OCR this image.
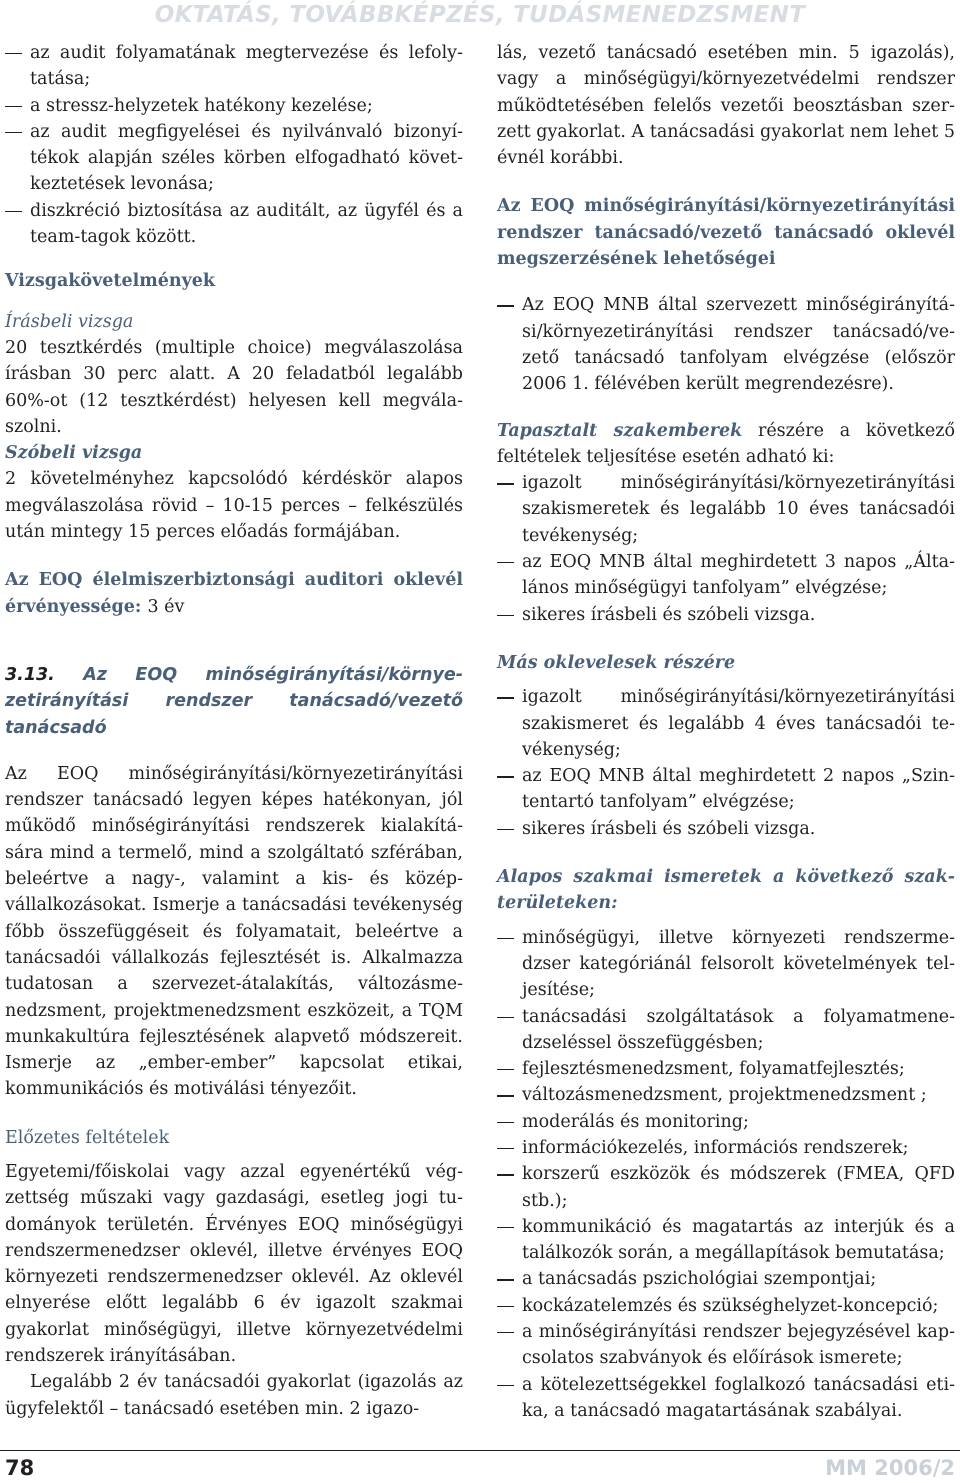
OKTATÁS, TOVÁBBKÉPZÉS, TUDÁSMENEDZSMENT
az audit folyamatának megtervezése és lefolytatása;
a stressz-helyzetek hatékony kezelése;
az audit megfigyelései és nyilvánvaló bizonyítékok alapján széles körben elfogadható következtetések levonása;
diszkréció biztosítása az auditált, az ügyfél és a team-tagok között.

Vizsgakövetelmények

Írásbeli vizsga

20 tesztkérdés (multiple choice) megválaszolása írásban 30 perc alatt. A 20 feladatból legalább 60%-ot (12 tesztkérdést) helyesen kell megválaszolni.

Szóbeli vizsga

2 követelményhez kapcsolódó kérdéskör alapos megválaszolása rövid – 10-15 perces – felkészülés után mintegy 15 perces előadás formájában.

Az EOQ élelmiszerbiztonsági auditori oklevél érvényessége: 3 év

3.13. Az EOQ minőségirányítási/környezetirányítási rendszer tanácsadó/vezető tanácsadó

Az EOQ minőségirányítási/környezetirányítási rendszer tanácsadó legyen képes hatékonyan, jól működő minőségirányítási rendszerek kialakítására mind a termelő, mind a szolgáltató szférában, beleértve a nagy-, valamint a kis- és középvállalkozásokat. Ismerje a tanácsadási tevékenység főbb összefüggéseit és folyamatait, beleértve a tanácsadói vállalkozás fejlesztését is. Alkalmazza tudatosan a szervezet-átalakítás, változásmenedzsment, projektmenedzsment eszközeit, a TQM munkakultúra fejlesztésének alapvető módszereit. Ismerje az „ember-ember” kapcsolat etikai, kommunikációs és motiválási tényezőit.

Előzetes feltételek

Egyetemi/főiskolai vagy azzal egyenértékű végzettség műszaki vagy gazdasági, esetleg jogi tudományok területén. Érvényes EOQ minőségügyi rendszermenedzser oklevél, illetve érvényes EOQ környezeti rendszermenedzser oklevél. Az oklevél elnyerése előtt legalább 6 év igazolt szakmai gyakorlat minőségügyi, illetve környezetvédelmi rendszerek irányításában.

Legalább 2 év tanácsadói gyakorlat (igazolás az ügyfelektől – tanácsadó esetében min. 2 igazo-

lás, vezető tanácsadó esetében min. 5 igazolás), vagy a minőségügyi/környezetvédelmi rendszer működtetésében felelős vezetői beosztásban szerzett gyakorlat. A tanácsadási gyakorlat nem lehet 5 évnél korábbi.

Az EOQ minőségirányítási/környezetirányítási rendszer tanácsadó/vezető tanácsadó oklevél megszerzésének lehetőségei

Az EOQ MNB által szervezett minőségirányítási/környezetirányítási rendszer tanácsadó/vezető tanácsadó tanfolyam elvégzése (először 2006 1. félévében került megrendezésre).

Tapasztalt szakemberek részére a következő feltételek teljesítése esetén adható ki:

igazolt minőségirányítási/környezetirányítási szakismeretek és legalább 10 éves tanácsadói tevékenység;
az EOQ MNB által meghirdetett 3 napos „Általános minőségügyi tanfolyam” elvégzése;
sikeres írásbeli és szóbeli vizsga.

Más oklevelesek részére

igazolt minőségirányítási/környezetirányítási szakismeret és legalább 4 éves tanácsadói tevékenység;
az EOQ MNB által meghirdetett 2 napos „Szintentartó tanfolyam” elvégzése;
sikeres írásbeli és szóbeli vizsga.

Alapos szakmai ismeretek a következő szakterületeken:

minőségügyi, illetve környezeti rendszermedzser kategóriánál felsorolt követelmények teljesítése;
tanácsadási szolgáltatások a folyamatmenedzseléssel összefüggésben;
fejlesztésmenedzsment, folyamatfejlesztés;
változásmenedzsment, projektmenedzsment ;
moderálás és monitoring;
információkezelés, információs rendszerek;
korszerű eszközök és módszerek (FMEA, QFD stb.);
kommunikáció és magatartás az interjúk és a találkozók során, a megállapítások bemutatása;
a tanácsadás pszichológiai szempontjai;
kockázatelemzés és szükséghelyzet-koncepció;
a minőségirányítási rendszer bejegyzésével kapcsolatos szabványok és előírások ismerete;
a kötelezettségekkel foglalkozó tanácsadási etika, a tanácsadó magatartásának szabályai.
78	MM 2006/2
